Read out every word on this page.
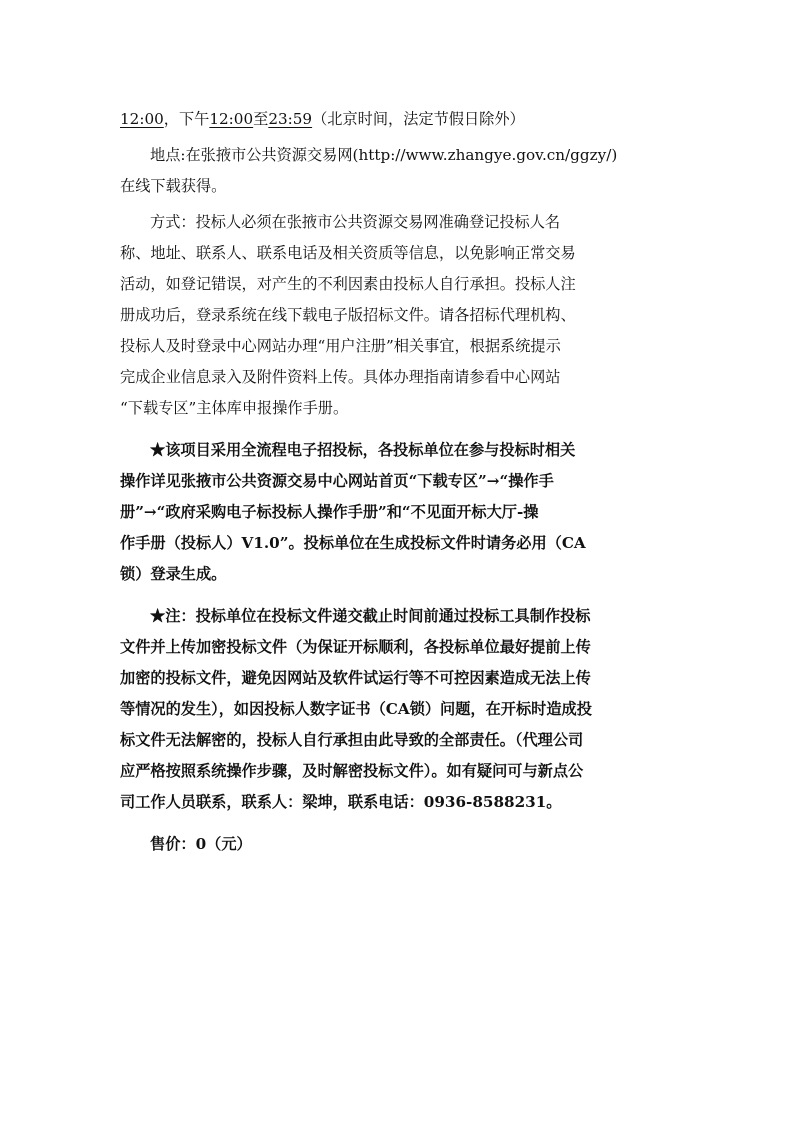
12:00，下午12:00至23:59（北京时间，法定节假日除外）

地点:在张掖市公共资源交易网(http://www.zhangye.gov.cn/ggzy/)

在线下载获得。

方式：投标人必须在张掖市公共资源交易网准确登记投标人名

称、地址、联系人、联系电话及相关资质等信息，以免影响正常交易

活动，如登记错误，对产生的不利因素由投标人自行承担。投标人注

册成功后，登录系统在线下载电子版招标文件。请各招标代理机构、

投标人及时登录中心网站办理“用户注册”相关事宜，根据系统提示

完成企业信息录入及附件资料上传。具体办理指南请参看中心网站

“下载专区”主体库申报操作手册。

★该项目采用全流程电子招投标，各投标单位在参与投标时相关

操作详见张掖市公共资源交易中心网站首页“下载专区”→“操作手

册”→“政府采购电子标投标人操作手册”和“不见面开标大厅-操

作手册（投标人）V1.0”。投标单位在生成投标文件时请务必用（CA

锁）登录生成。

★注：投标单位在投标文件递交截止时间前通过投标工具制作投标

文件并上传加密投标文件（为保证开标顺利，各投标单位最好提前上传

加密的投标文件，避免因网站及软件试运行等不可控因素造成无法上传

等情况的发生），如因投标人数字证书（CA锁）问题，在开标时造成投

标文件无法解密的，投标人自行承担由此导致的全部责任。（代理公司

应严格按照系统操作步骤，及时解密投标文件）。如有疑问可与新点公

司工作人员联系，联系人：梁坤，联系电话：0936-8588231。

售价：0（元）
